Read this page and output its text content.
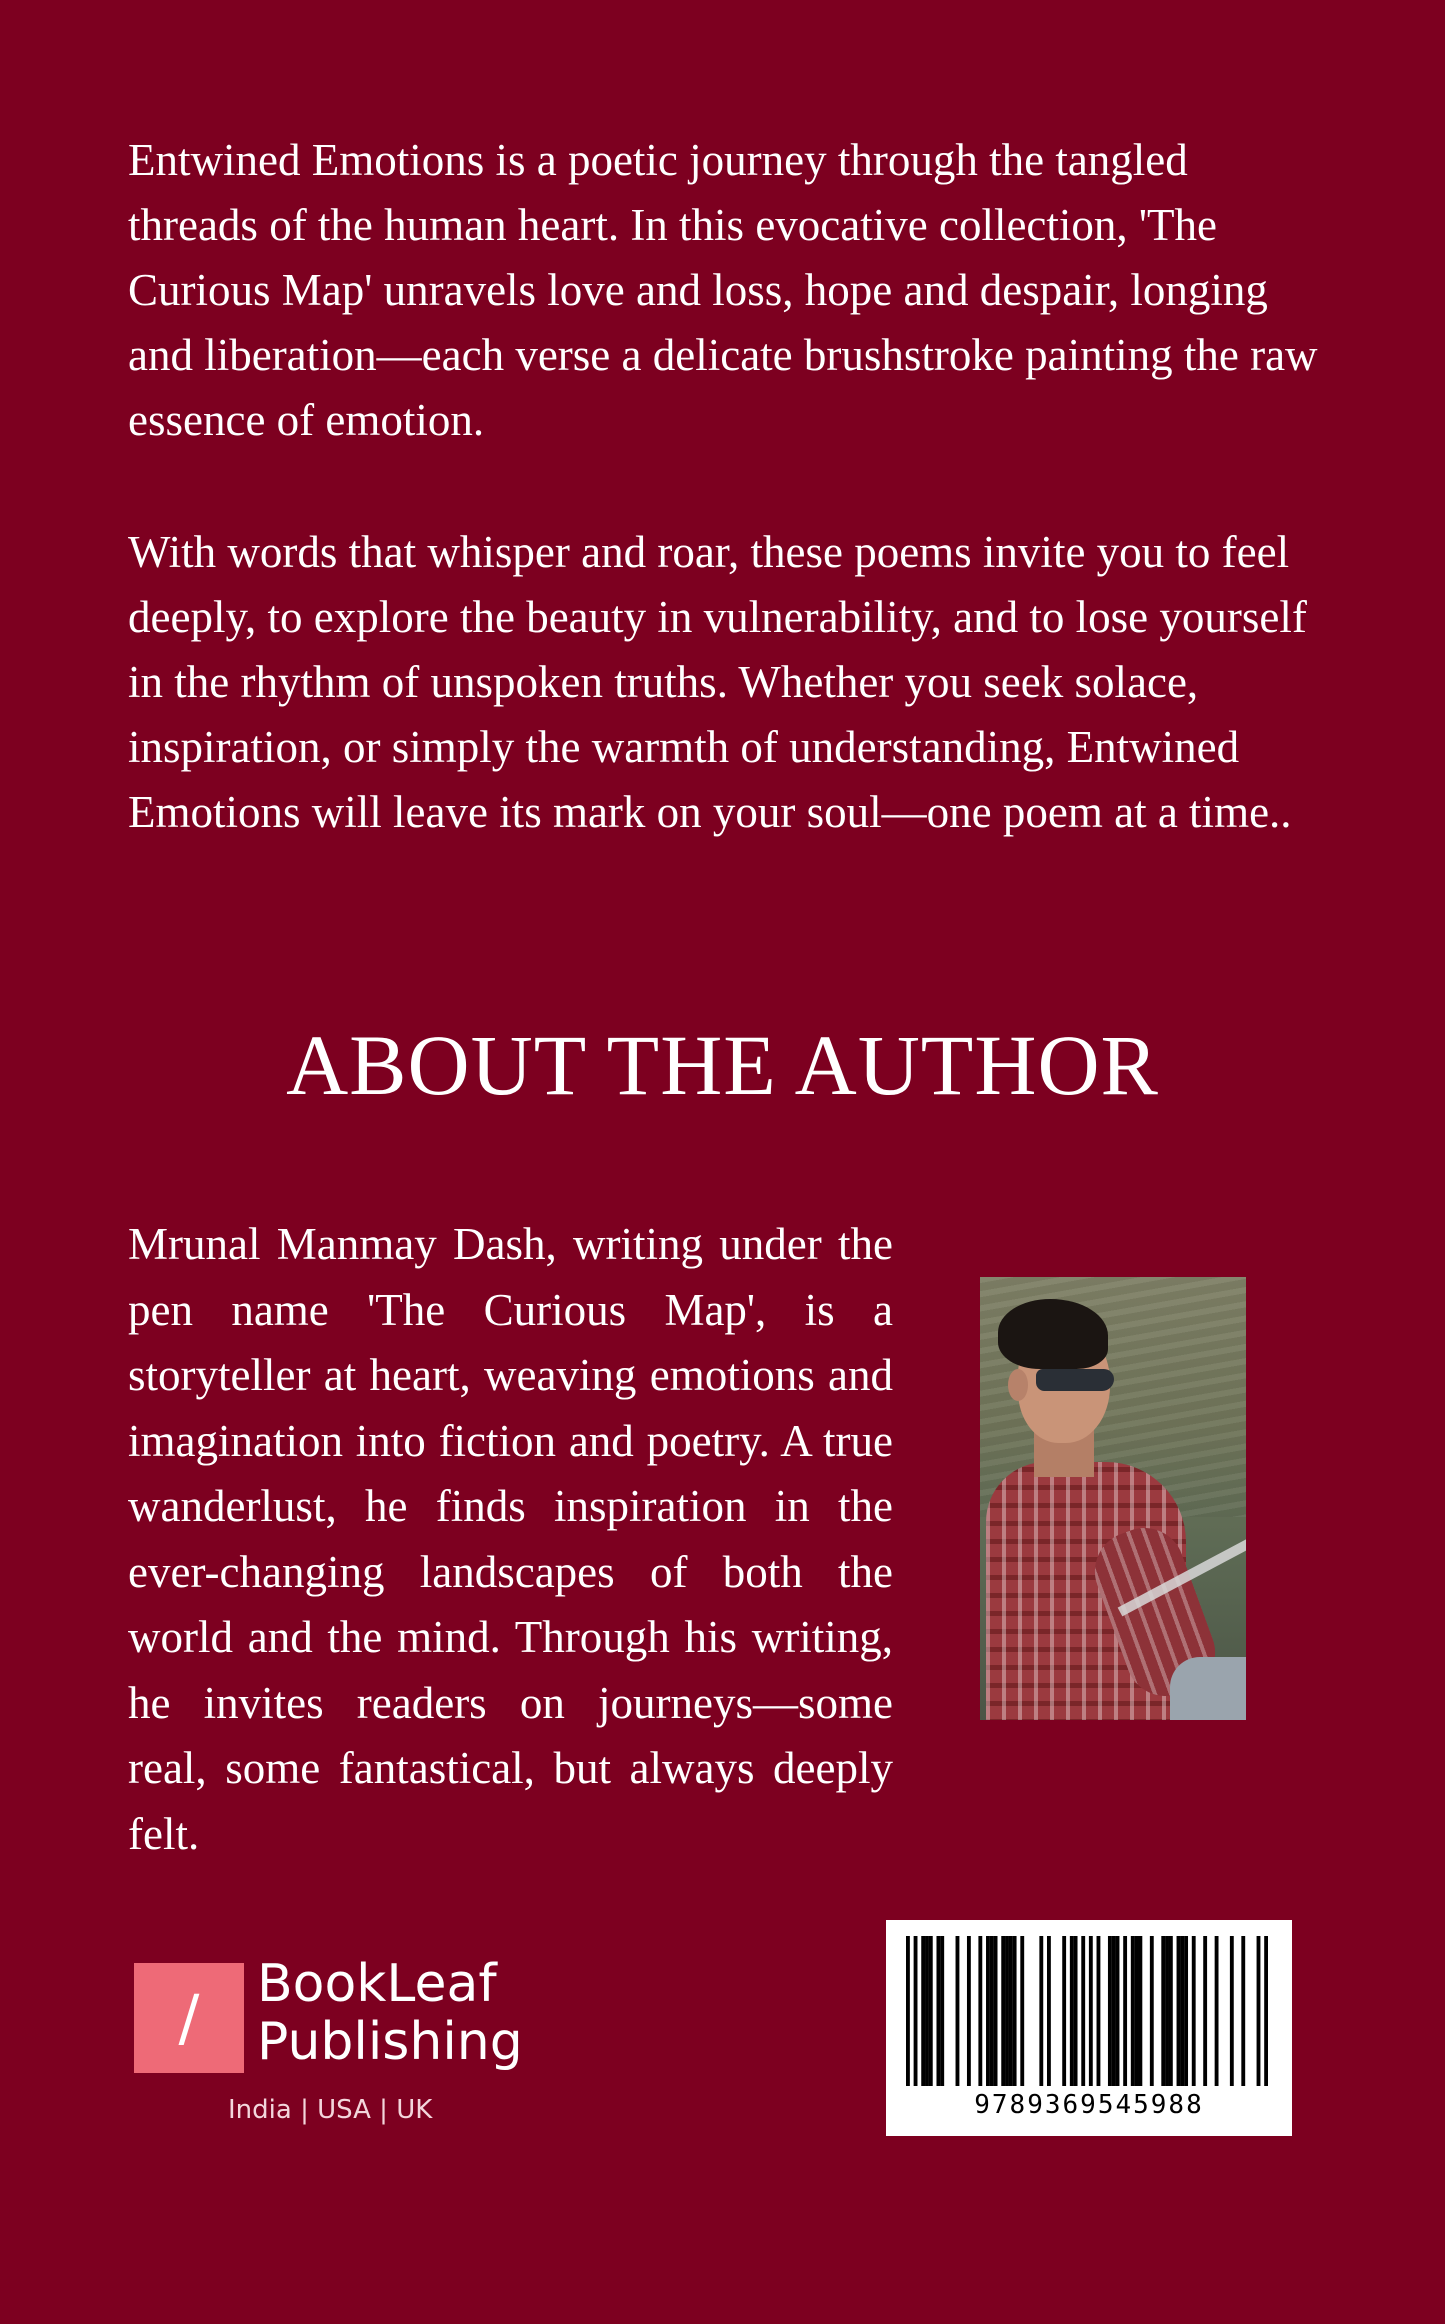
Entwined Emotions is a poetic journey through the tangled threads of the human heart. In this evocative collection, 'The Curious Map' unravels love and loss, hope and despair, longing and liberation—each verse a delicate brushstroke painting the raw essence of emotion.

With words that whisper and roar, these poems invite you to feel deeply, to explore the beauty in vulnerability, and to lose yourself in the rhythm of unspoken truths. Whether you seek solace, inspiration, or simply the warmth of understanding, Entwined Emotions will leave its mark on your soul—one poem at a time..

ABOUT THE AUTHOR

Mrunal Manmay Dash, writing under the pen name 'The Curious Map', is a storyteller at heart, weaving emotions and imagination into fiction and poetry. A true wanderlust, he finds inspiration in the ever-changing landscapes of both the world and the mind. Through his writing, he invites readers on journeys—some real, some fantastical, but always deeply felt.

/	BookLeaf
Publishing
India | USA | UK	9789369545988
